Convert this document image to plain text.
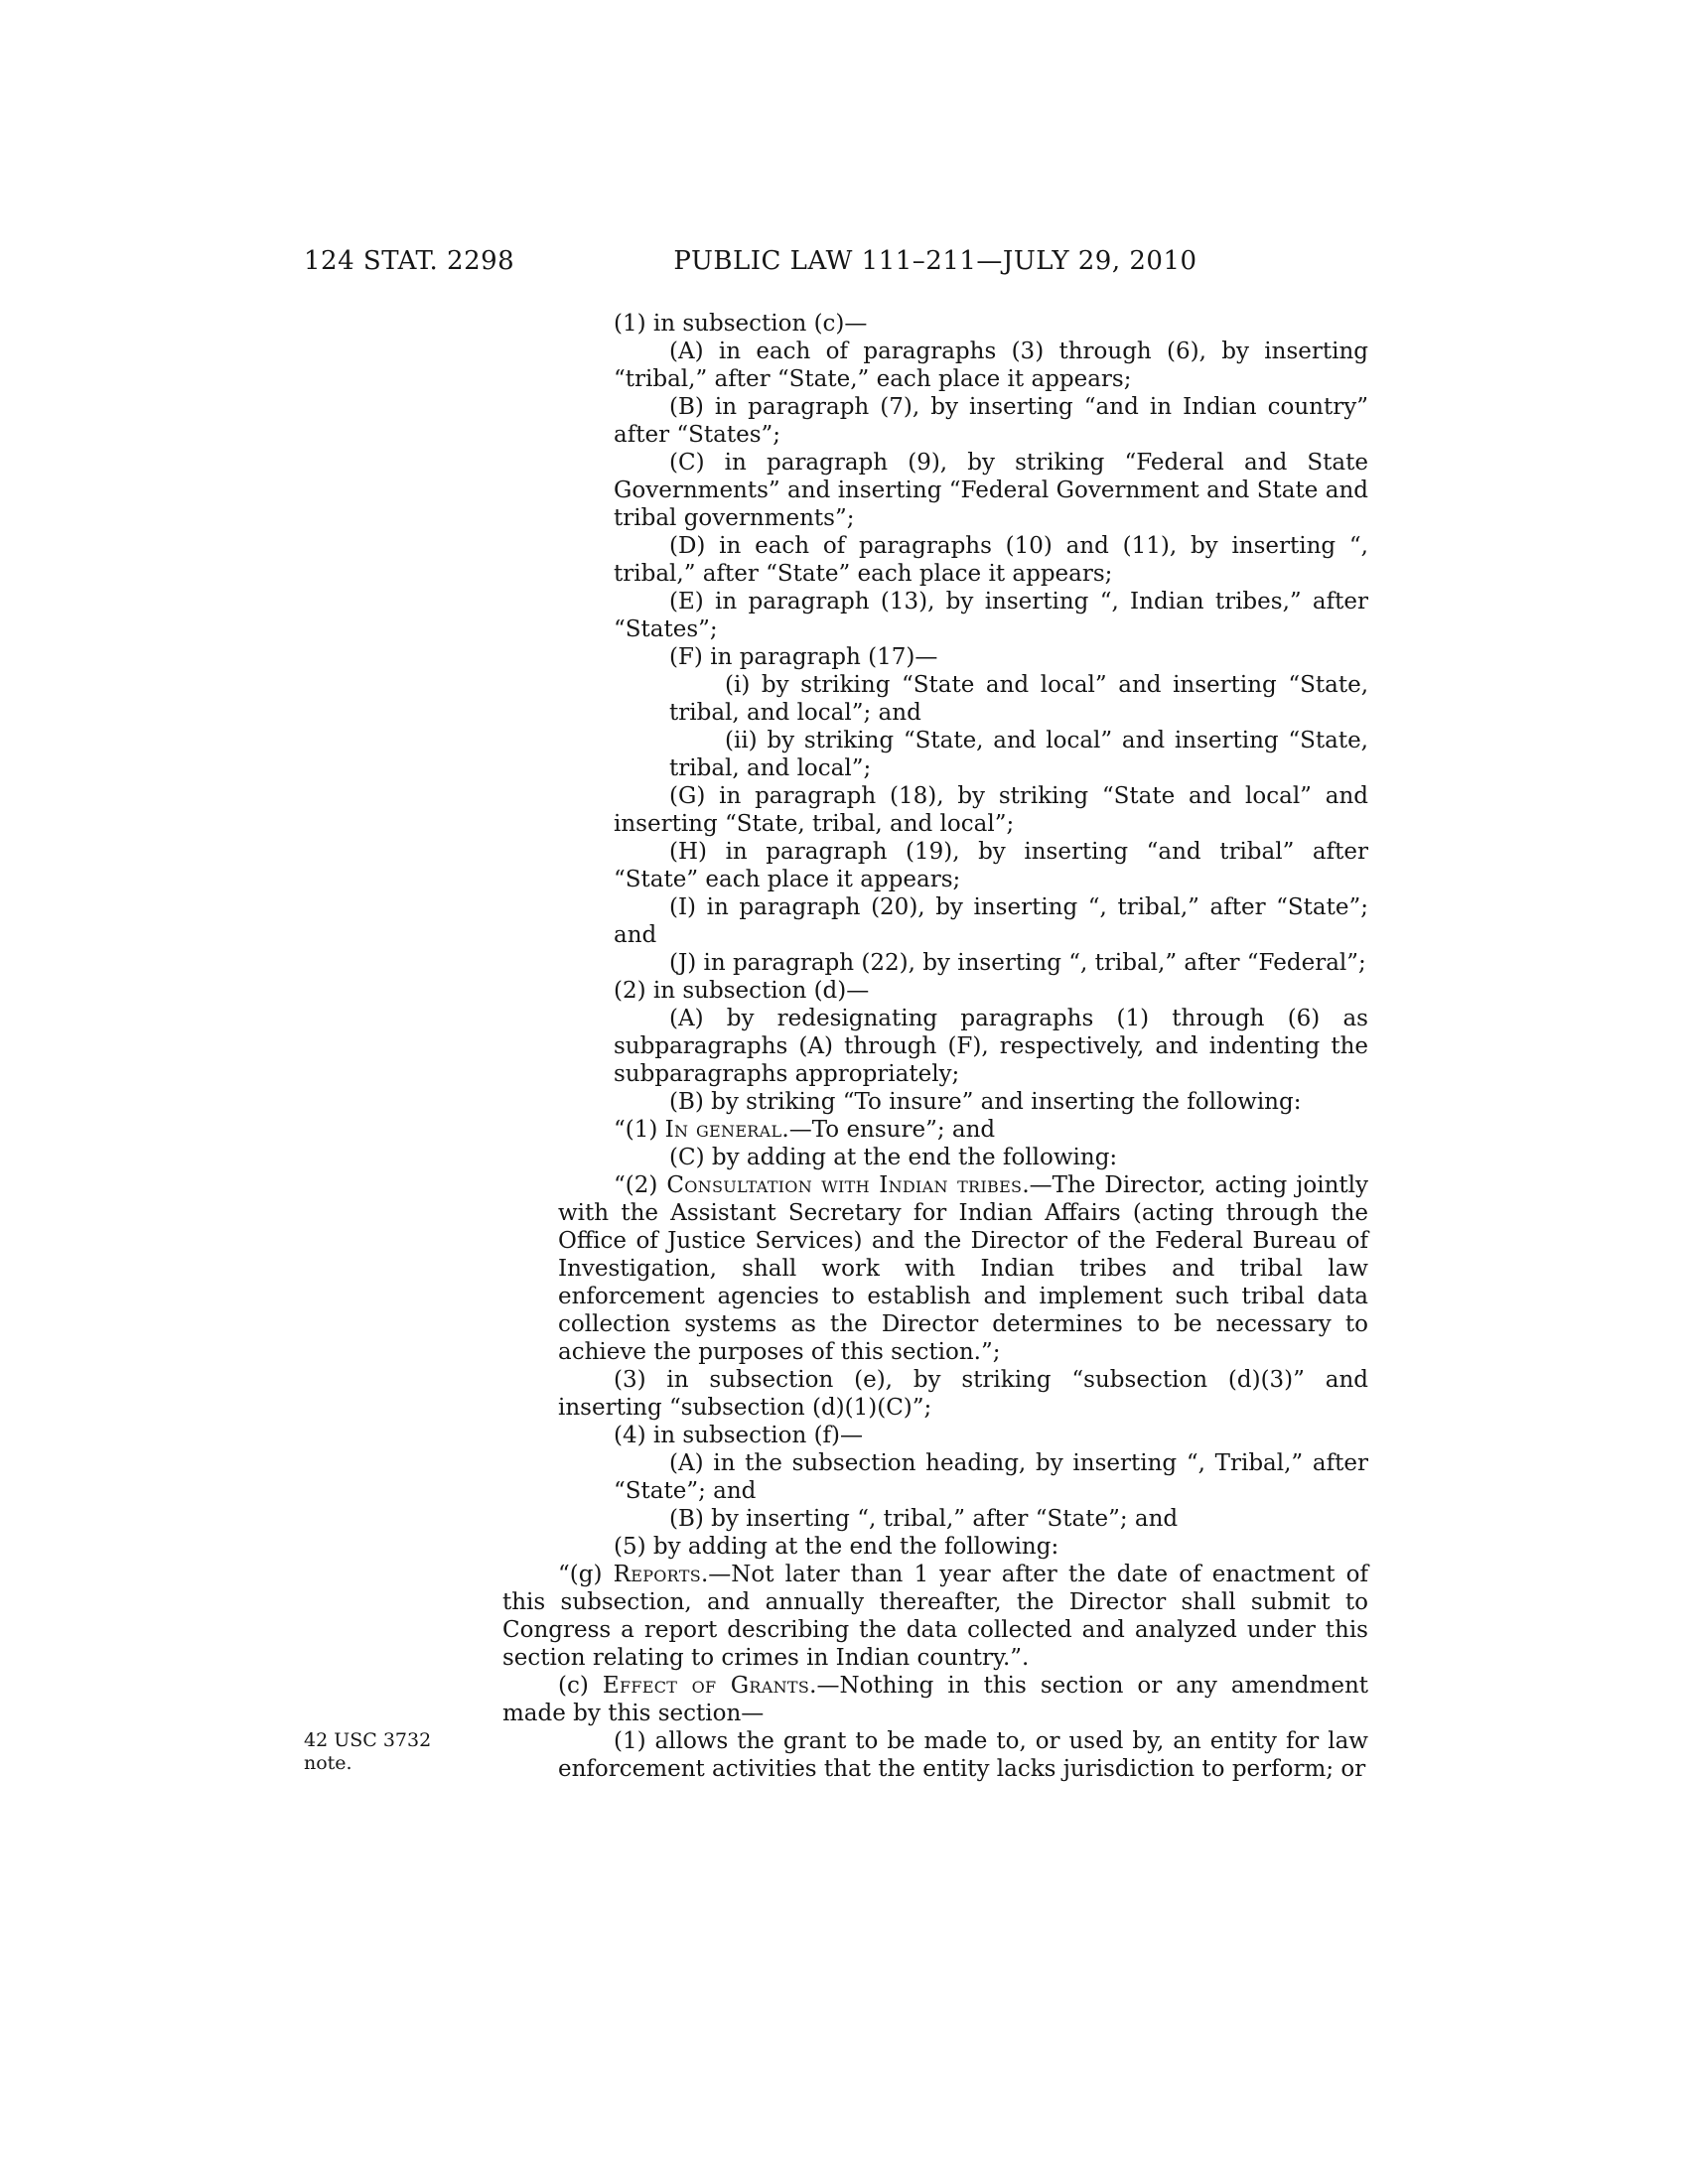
124 STAT. 2298	PUBLIC LAW 111–211—JULY 29, 2010

(1) in subsection (c)—

(A) in each of paragraphs (3) through (6), by inserting “tribal,” after “State,” each place it appears;

(B) in paragraph (7), by inserting “and in Indian country” after “States”;

(C) in paragraph (9), by striking “Federal and State Governments” and inserting “Federal Government and State and tribal governments”;

(D) in each of paragraphs (10) and (11), by inserting “, tribal,” after “State” each place it appears;

(E) in paragraph (13), by inserting “, Indian tribes,” after “States”;

(F) in paragraph (17)—

(i) by striking “State and local” and inserting “State, tribal, and local”; and

(ii) by striking “State, and local” and inserting “State, tribal, and local”;

(G) in paragraph (18), by striking “State and local” and inserting “State, tribal, and local”;

(H) in paragraph (19), by inserting “and tribal” after “State” each place it appears;

(I) in paragraph (20), by inserting “, tribal,” after “State”; and

(J) in paragraph (22), by inserting “, tribal,” after “Federal”;

(2) in subsection (d)—

(A) by redesignating paragraphs (1) through (6) as subparagraphs (A) through (F), respectively, and indenting the subparagraphs appropriately;

(B) by striking “To insure” and inserting the following:

“(1) In general.—To ensure”; and

(C) by adding at the end the following:

“(2) Consultation with Indian tribes.—The Director, acting jointly with the Assistant Secretary for Indian Affairs (acting through the Office of Justice Services) and the Director of the Federal Bureau of Investigation, shall work with Indian tribes and tribal law enforcement agencies to establish and implement such tribal data collection systems as the Director determines to be necessary to achieve the purposes of this section.”;

(3) in subsection (e), by striking “subsection (d)(3)” and inserting “subsection (d)(1)(C)”;

(4) in subsection (f)—

(A) in the subsection heading, by inserting “, Tribal,” after “State”; and

(B) by inserting “, tribal,” after “State”; and

(5) by adding at the end the following:

“(g) Reports.—Not later than 1 year after the date of enactment of this subsection, and annually thereafter, the Director shall submit to Congress a report describing the data collected and analyzed under this section relating to crimes in Indian country.”.

(c) Effect of Grants.—Nothing in this section or any amendment made by this section—

(1) allows the grant to be made to, or used by, an entity for law enforcement activities that the entity lacks jurisdiction to perform; or
42 USC 3732
note.
